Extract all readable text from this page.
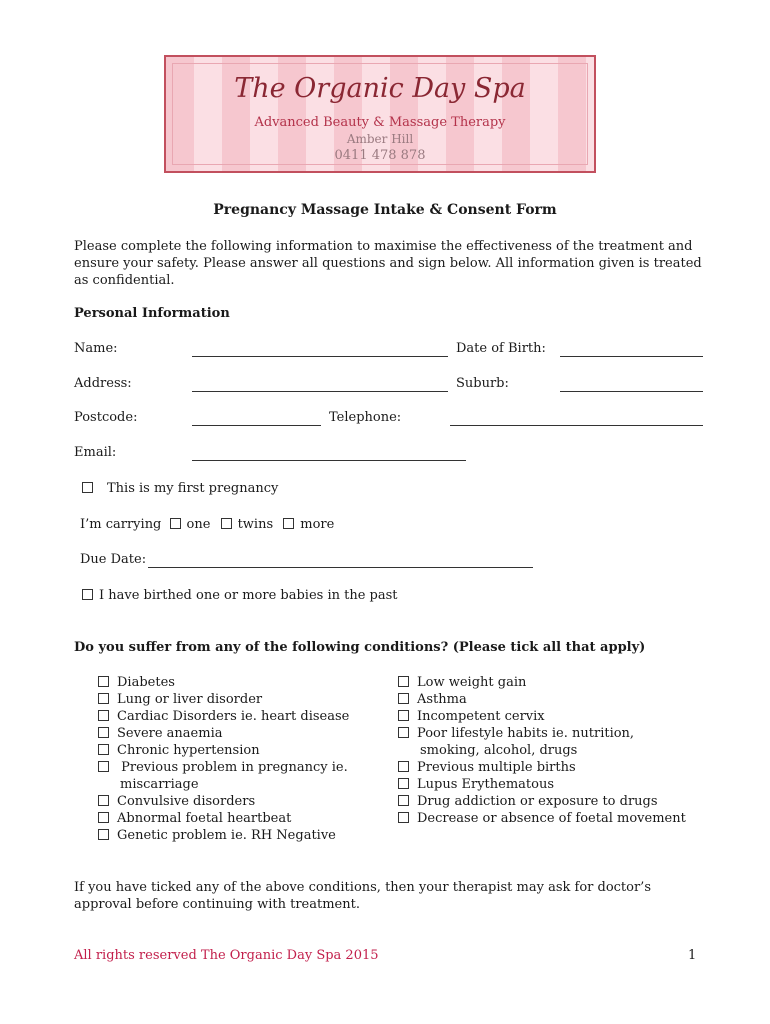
The Organic Day Spa
Advanced Beauty & Massage Therapy
Amber Hill
0411 478 878
Pregnancy Massage Intake & Consent Form
Please complete the following information to maximise the effectiveness of the treatment and ensure your safety. Please answer all questions and sign below. All information given is treated as confidential.
Personal Information
Name:	Date of Birth:
Address:	Suburb:
Postcode:	Telephone:
Email:
This is my first pregnancy
I’m carrying one twins more
Due Date:
I have birthed one or more babies in the past
Do you suffer from any of the following conditions? (Please tick all that apply)
Diabetes
Lung or liver disorder
Cardiac Disorders ie. heart disease
Severe anaemia
Chronic hypertension
Previous problem in pregnancy ie.
miscarriage
Convulsive disorders
Abnormal foetal heartbeat
Genetic problem ie. RH Negative
Low weight gain
Asthma
Incompetent cervix
Poor lifestyle habits ie. nutrition,
smoking, alcohol, drugs
Previous multiple births
Lupus Erythematous
Drug addiction or exposure to drugs
Decrease or absence of foetal movement
If you have ticked any of the above conditions, then your therapist may ask for doctor’s approval before continuing with treatment.
All rights reserved The Organic Day Spa 2015	1
